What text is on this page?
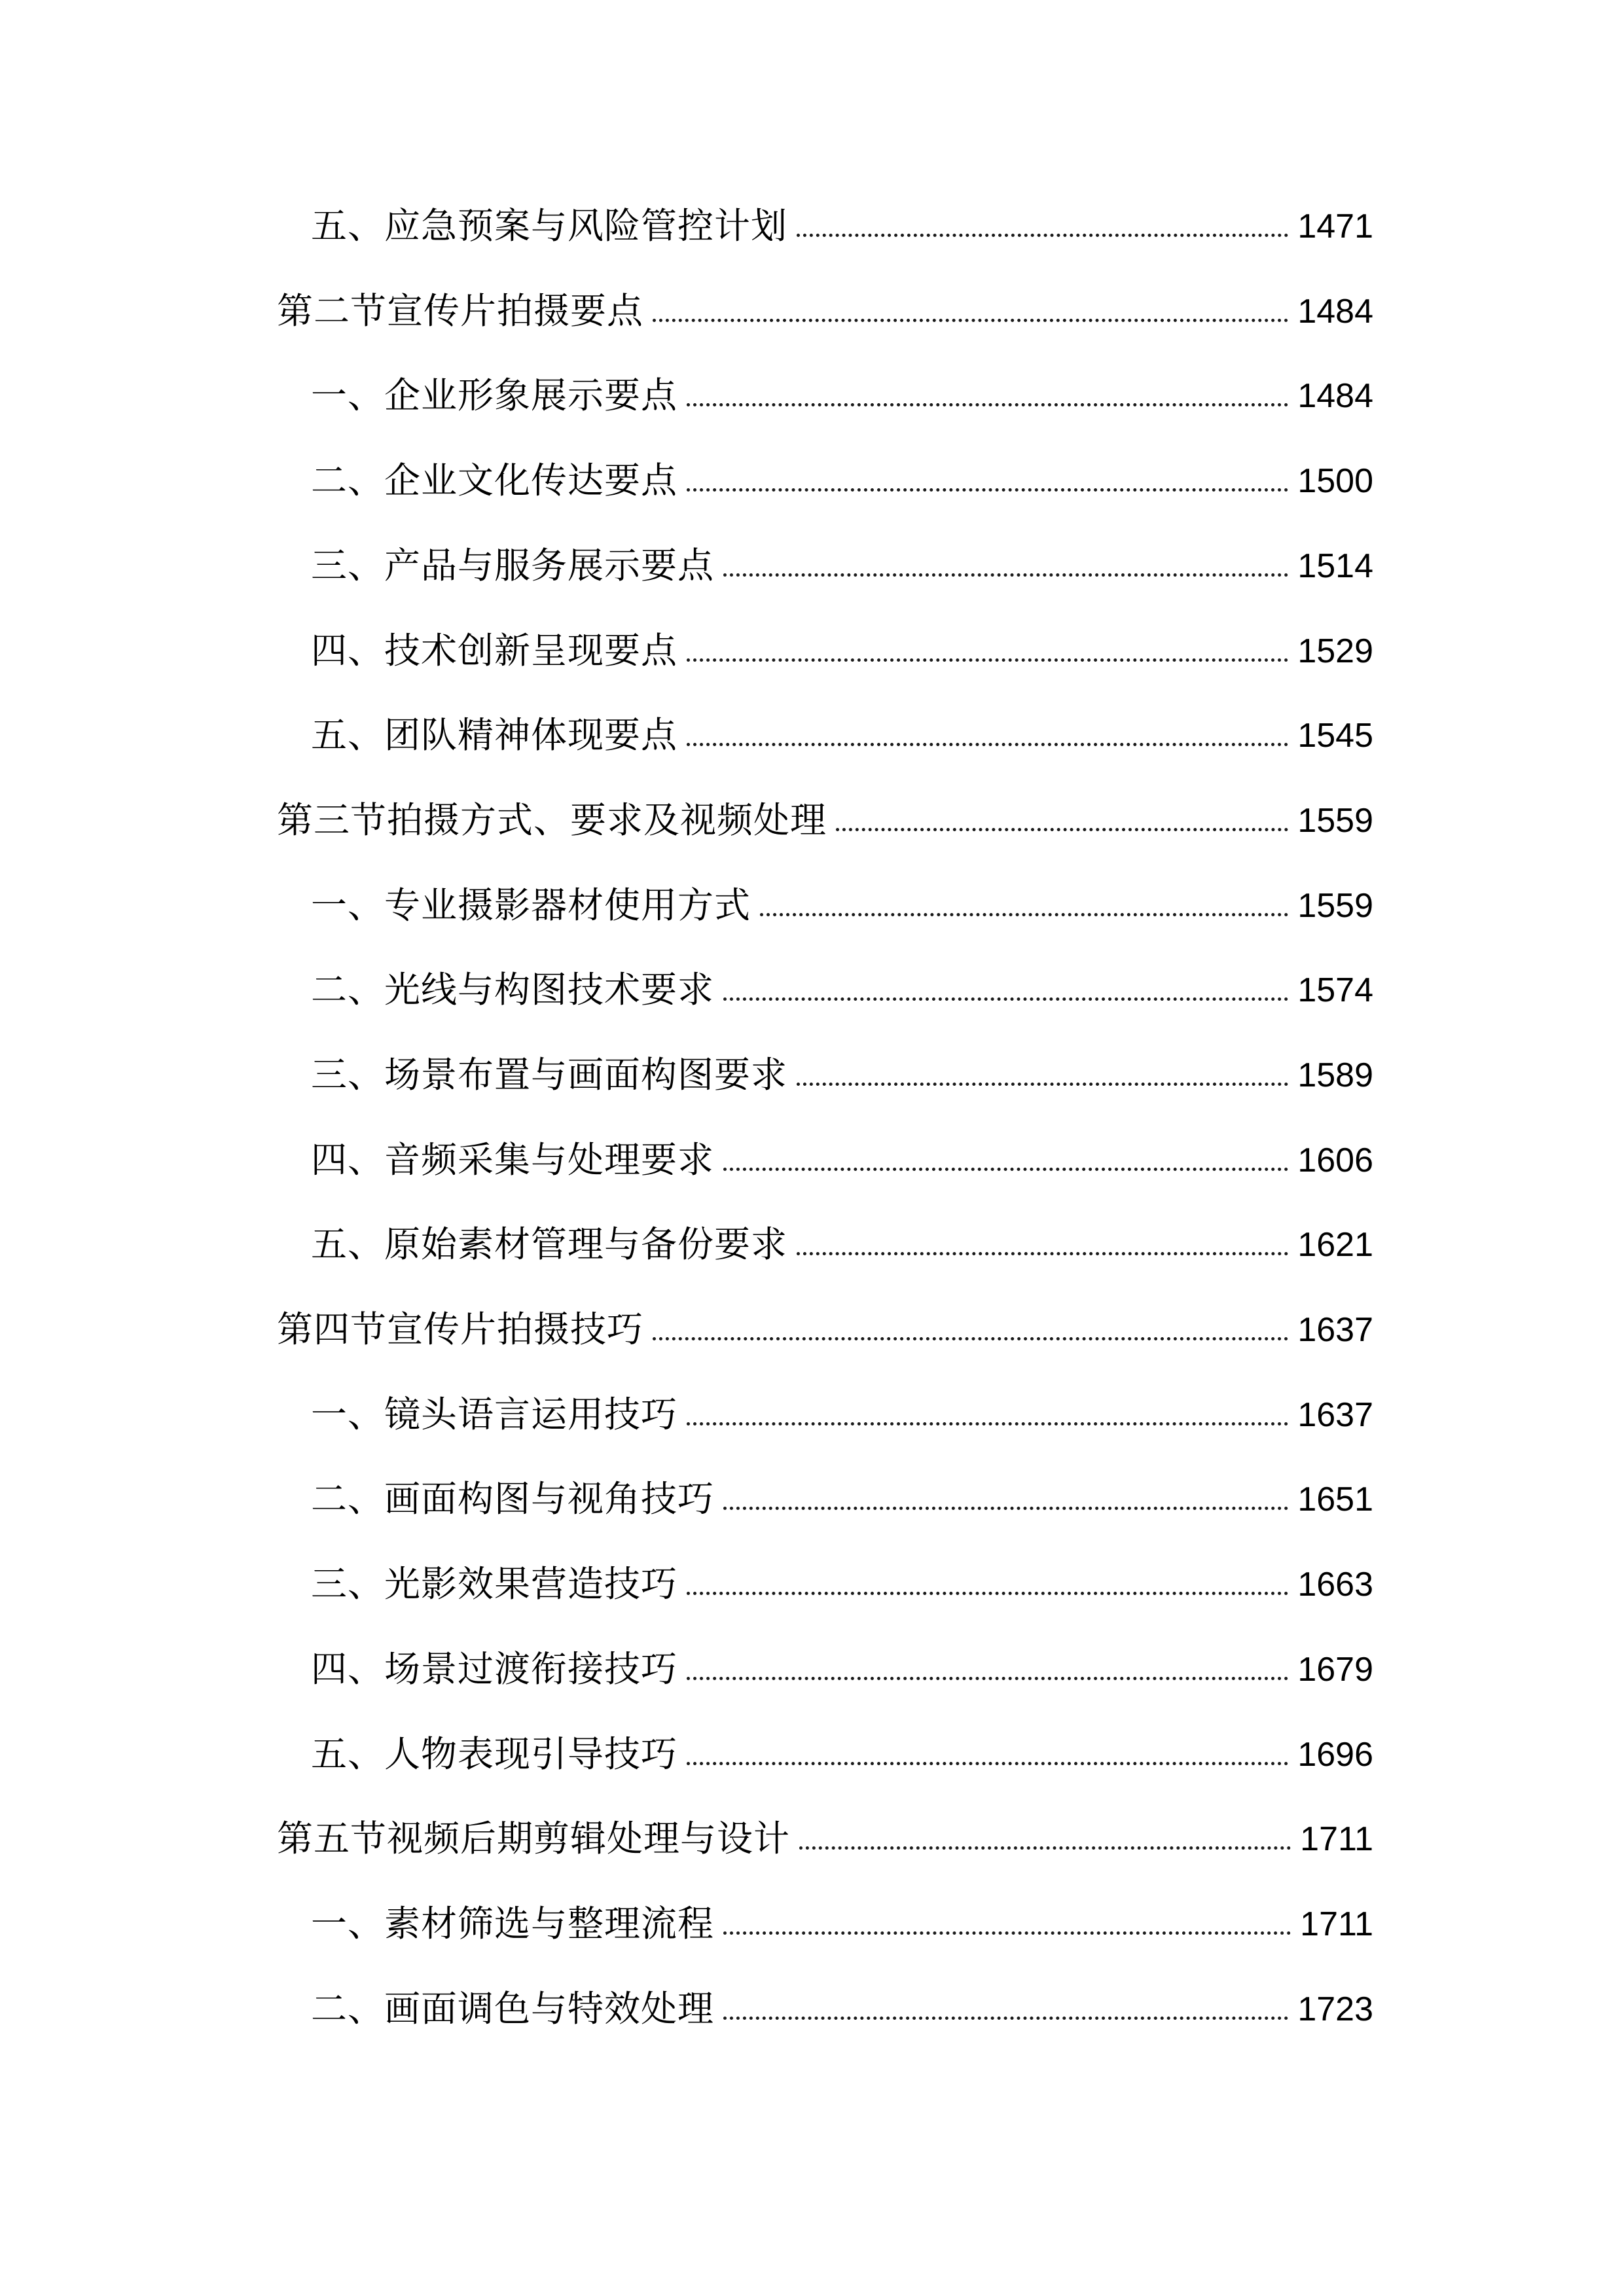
五、应急预案与风险管控计划	1471
第二节宣传片拍摄要点	1484
一、企业形象展示要点	1484
二、企业文化传达要点	1500
三、产品与服务展示要点	1514
四、技术创新呈现要点	1529
五、团队精神体现要点	1545
第三节拍摄方式、要求及视频处理	1559
一、专业摄影器材使用方式	1559
二、光线与构图技术要求	1574
三、场景布置与画面构图要求	1589
四、音频采集与处理要求	1606
五、原始素材管理与备份要求	1621
第四节宣传片拍摄技巧	1637
一、镜头语言运用技巧	1637
二、画面构图与视角技巧	1651
三、光影效果营造技巧	1663
四、场景过渡衔接技巧	1679
五、人物表现引导技巧	1696
第五节视频后期剪辑处理与设计	1711
一、素材筛选与整理流程	1711
二、画面调色与特效处理	1723
